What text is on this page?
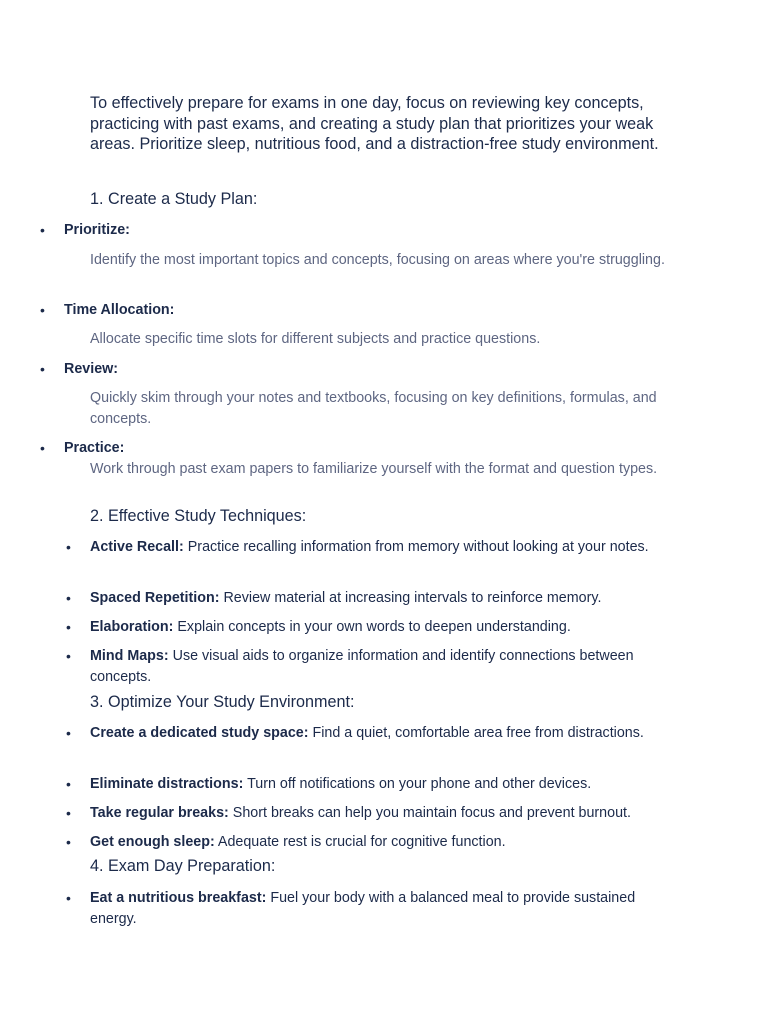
To effectively prepare for exams in one day, focus on reviewing key concepts, practicing with past exams, and creating a study plan that prioritizes your weak areas. Prioritize sleep, nutritious food, and a distraction-free study environment.

1. Create a Study Plan:
• Prioritize:
Identify the most important topics and concepts, focusing on areas where you're struggling.
• Time Allocation:
Allocate specific time slots for different subjects and practice questions.
• Review:
Quickly skim through your notes and textbooks, focusing on key definitions, formulas, and concepts.
• Practice:
Work through past exam papers to familiarize yourself with the format and question types.
2. Effective Study Techniques:
• Active Recall: Practice recalling information from memory without looking at your notes.
• Spaced Repetition: Review material at increasing intervals to reinforce memory.
• Elaboration: Explain concepts in your own words to deepen understanding.
• Mind Maps: Use visual aids to organize information and identify connections between concepts.
3. Optimize Your Study Environment:
• Create a dedicated study space: Find a quiet, comfortable area free from distractions.
• Eliminate distractions: Turn off notifications on your phone and other devices.
• Take regular breaks: Short breaks can help you maintain focus and prevent burnout.
• Get enough sleep: Adequate rest is crucial for cognitive function.
4. Exam Day Preparation:
• Eat a nutritious breakfast: Fuel your body with a balanced meal to provide sustained energy.
